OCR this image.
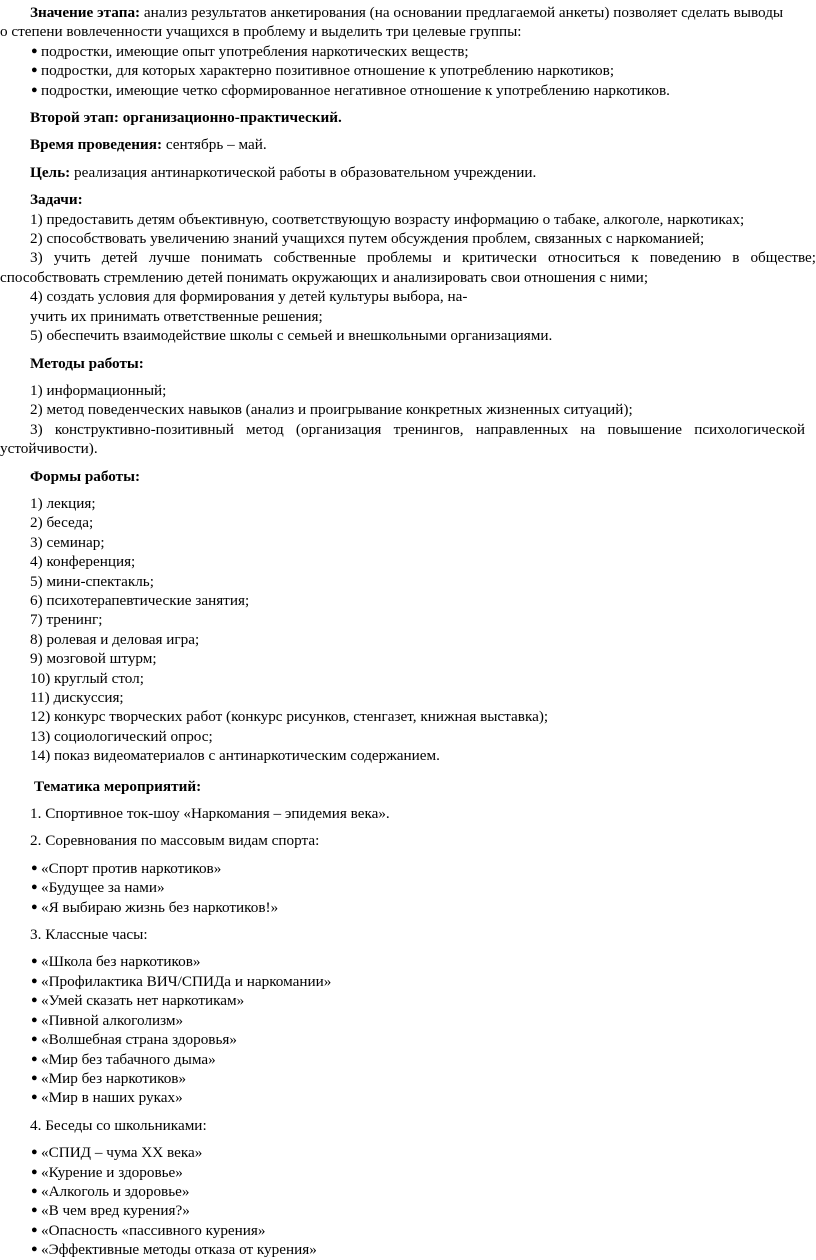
Значение этапа: анализ результатов анкетирования (на основании предлагаемой анкеты) позволяет сделать выводы

о степени вовлеченности учащихся в проблему и выделить три целевые группы:

● подростки, имеющие опыт употребления наркотических веществ;
● подростки, для которых характерно позитивное отношение к употреблению наркотиков;
● подростки, имеющие четко сформированное негативное отношение к употреблению наркотиков.

Второй этап: организационно-практический.

Время проведения: сентябрь – май.

Цель: реализация антинаркотической работы в образовательном учреждении.

Задачи:

1) предоставить детям объективную, соответствующую возрасту информацию о табаке, алкоголе, наркотиках;

2) способствовать увеличению знаний учащихся путем обсуждения проблем, связанных с наркоманией;

3) учить детей лучше понимать собственные проблемы и критически относиться к поведению в обществе;

способствовать стремлению детей понимать окружающих и анализировать свои отношения с ними;

4) создать условия для формирования у детей культуры выбора, на-

учить их принимать ответственные решения;

5) обеспечить взаимодействие школы с семьей и внешкольными организациями.

Методы работы:

1) информационный;

2) метод поведенческих навыков (анализ и проигрывание конкретных жизненных ситуаций);

3) конструктивно-позитивный метод (организация тренингов, направленных на повышение психологической

устойчивости).

Формы работы:

1) лекция;

2) беседа;

3) семинар;

4) конференция;

5) мини-спектакль;

6) психотерапевтические занятия;

7) тренинг;

8) ролевая и деловая игра;

9) мозговой штурм;

10) круглый стол;

11) дискуссия;

12) конкурс творческих работ (конкурс рисунков, стенгазет, книжная выставка);

13) социологический опрос;

14) показ видеоматериалов с антинаркотическим содержанием.

Тематика мероприятий:

1. Спортивное ток-шоу «Наркомания – эпидемия века».

2. Соревнования по массовым видам спорта:

● «Спорт против наркотиков»
● «Будущее за нами»
● «Я выбираю жизнь без наркотиков!»

3. Классные часы:

● «Школа без наркотиков»
● «Профилактика ВИЧ/СПИДа и наркомании»
● «Умей сказать нет наркотикам»
● «Пивной алкоголизм»
● «Волшебная страна здоровья»
● «Мир без табачного дыма»
● «Мир без наркотиков»
● «Мир в наших руках»

4. Беседы со школьниками:

● «СПИД – чума XX века»
● «Курение и здоровье»
● «Алкоголь и здоровье»
● «В чем вред курения?»
● «Опасность «пассивного курения»
● «Эффективные методы отказа от курения»
